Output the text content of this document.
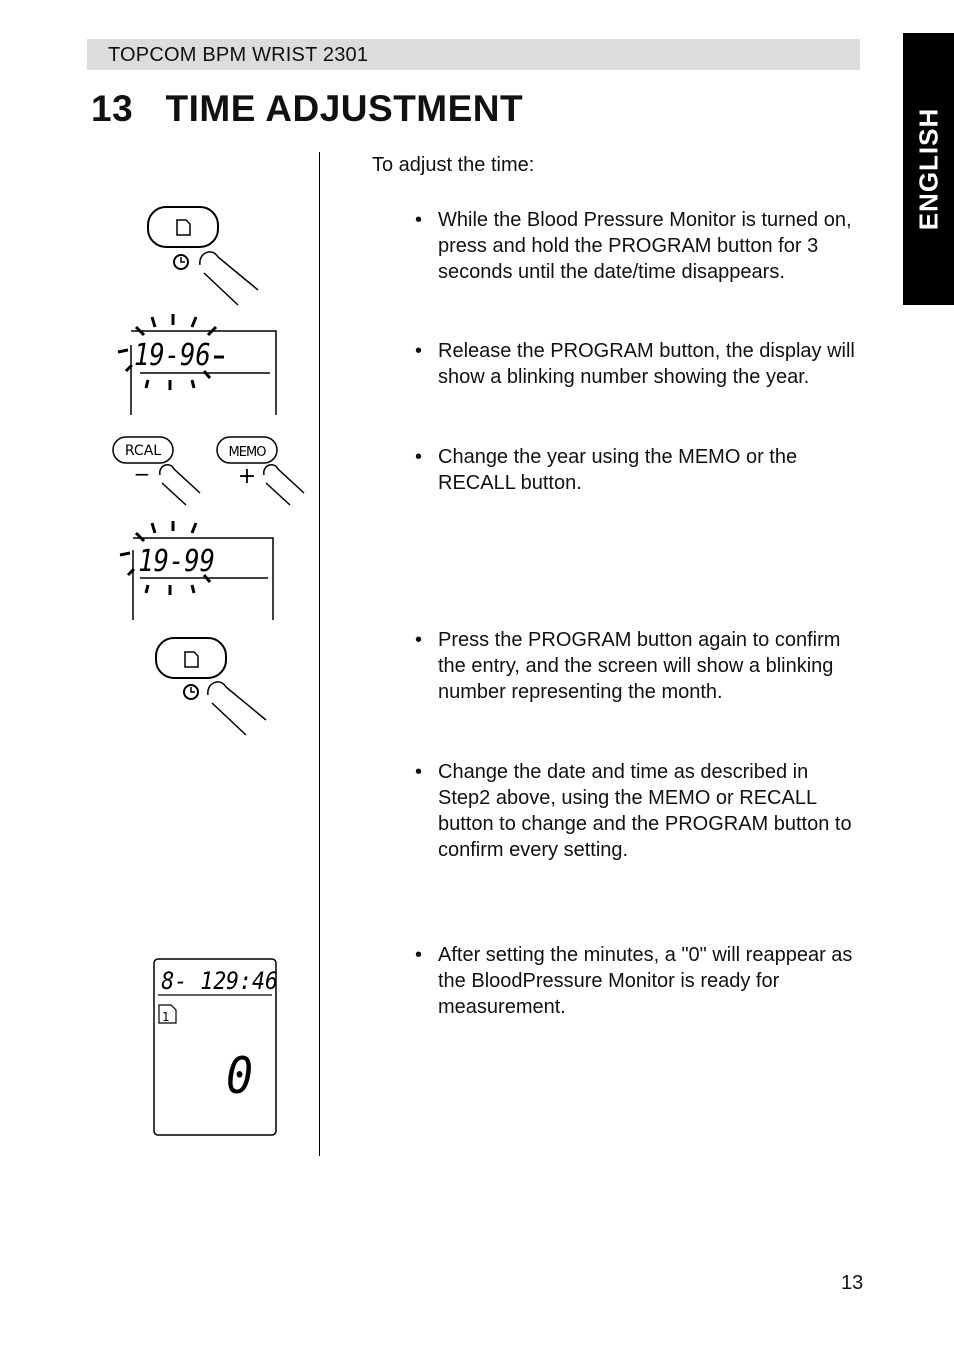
TOPCOM BPM WRIST 2301
13   TIME ADJUSTMENT	ENGLISH
19-96
RCAL	MEMO
−	+
19-99
8- 12 9:46
1
0
To adjust the time:
• While the Blood Pressure Monitor is turned on, press and hold the PROGRAM button for 3 seconds until the date/time disappears.
• Release the PROGRAM button, the display will show a blinking number showing the year.
• Change the year using the MEMO or the RECALL button.
• Press the PROGRAM button again to confirm the entry, and the screen will show a blinking number representing the month.
• Change the date and time as described in Step2 above, using the MEMO or RECALL button to change and the PROGRAM button to confirm every setting.
• After setting the minutes, a "0" will reappear as the BloodPressure Monitor is ready for measurement.
13
